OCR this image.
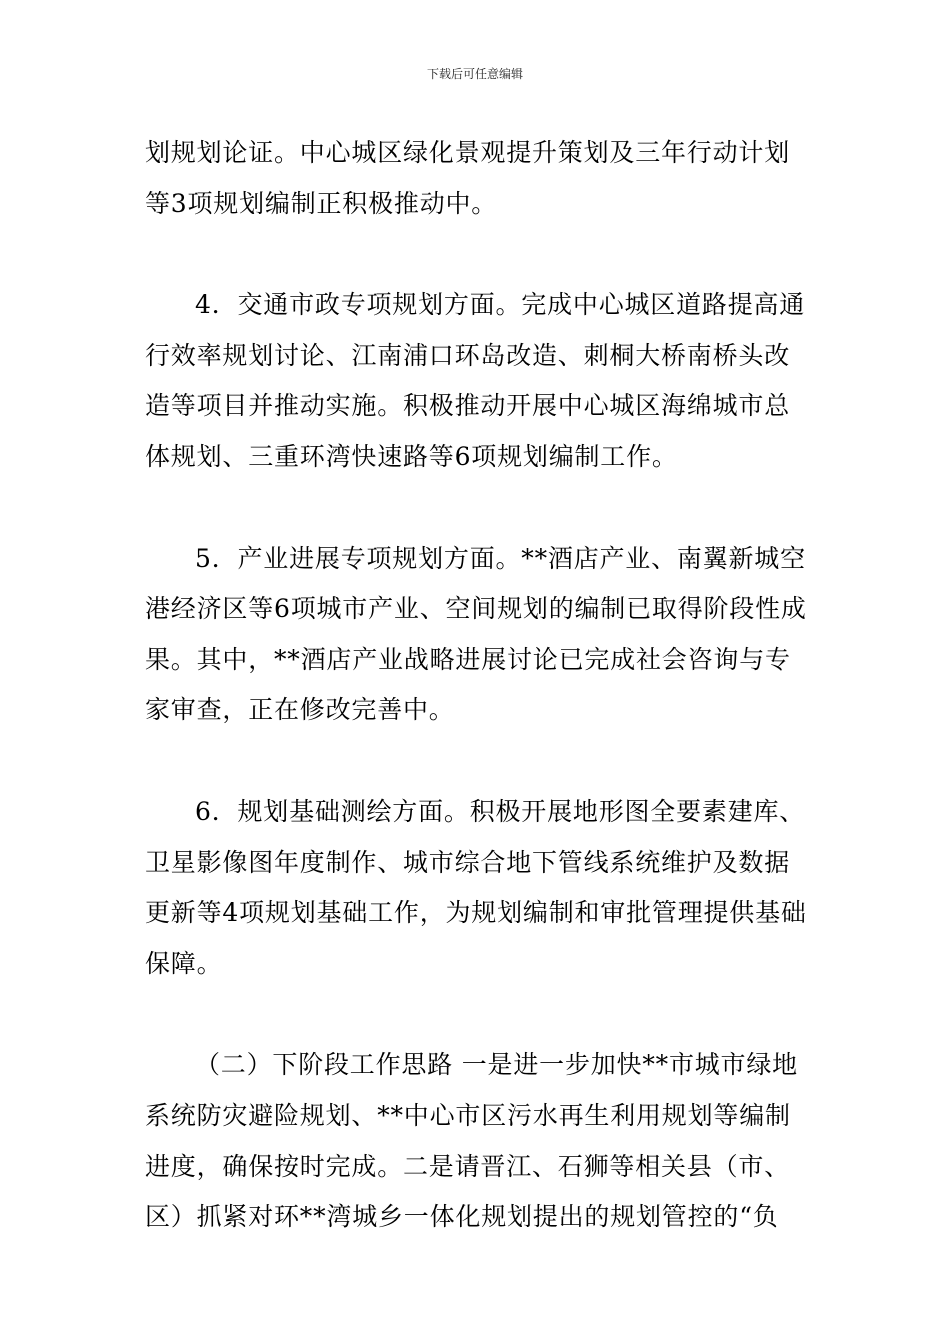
下载后可任意编辑

划规划论证。中心城区绿化景观提升策划及三年行动计划
等3项规划编制正积极推动中。

4．交通市政专项规划方面。完成中心城区道路提高通
行效率规划讨论、江南浦口环岛改造、刺桐大桥南桥头改
造等项目并推动实施。积极推动开展中心城区海绵城市总
体规划、三重环湾快速路等6项规划编制工作。

5．产业进展专项规划方面。**酒店产业、南翼新城空
港经济区等6项城市产业、空间规划的编制已取得阶段性成
果。其中，**酒店产业战略进展讨论已完成社会咨询与专
家审查，正在修改完善中。

6．规划基础测绘方面。积极开展地形图全要素建库、
卫星影像图年度制作、城市综合地下管线系统维护及数据
更新等4项规划基础工作，为规划编制和审批管理提供基础
保障。

（二）下阶段工作思路 一是进一步加快**市城市绿地
系统防灾避险规划、**中心市区污水再生利用规划等编制
进度，确保按时完成。二是请晋江、石狮等相关县（市、
区）抓紧对环**湾城乡一体化规划提出的规划管控的“负
